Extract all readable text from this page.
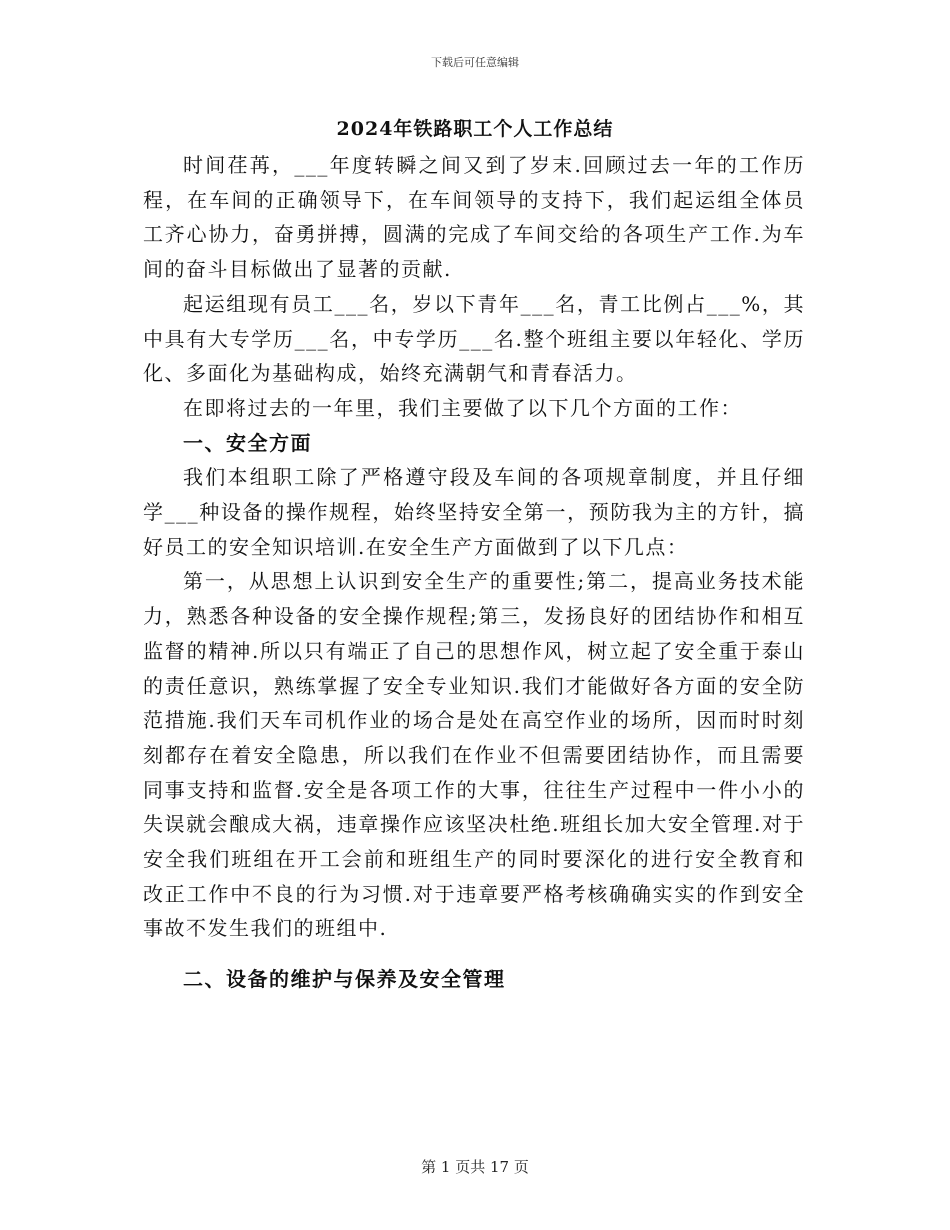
下载后可任意编辑
2024年铁路职工个人工作总结

时间荏苒，___年度转瞬之间又到了岁末.回顾过去一年的工作历程，在车间的正确领导下，在车间领导的支持下，我们起运组全体员工齐心协力，奋勇拼搏，圆满的完成了车间交给的各项生产工作.为车间的奋斗目标做出了显著的贡献.

起运组现有员工___名，岁以下青年___名，青工比例占___%，其中具有大专学历___名，中专学历___名.整个班组主要以年轻化、学历化、多面化为基础构成，始终充满朝气和青春活力。

在即将过去的一年里，我们主要做了以下几个方面的工作：

一、安全方面

我们本组职工除了严格遵守段及车间的各项规章制度，并且仔细学___种设备的操作规程，始终坚持安全第一，预防我为主的方针，搞好员工的安全知识培训.在安全生产方面做到了以下几点：

第一，从思想上认识到安全生产的重要性;第二，提高业务技术能力，熟悉各种设备的安全操作规程;第三，发扬良好的团结协作和相互监督的精神.所以只有端正了自己的思想作风，树立起了安全重于泰山的责任意识，熟练掌握了安全专业知识.我们才能做好各方面的安全防范措施.我们天车司机作业的场合是处在高空作业的场所，因而时时刻刻都存在着安全隐患，所以我们在作业不但需要团结协作，而且需要同事支持和监督.安全是各项工作的大事，往往生产过程中一件小小的失误就会酿成大祸，违章操作应该坚决杜绝.班组长加大安全管理.对于安全我们班组在开工会前和班组生产的同时要深化的进行安全教育和改正工作中不良的行为习惯.对于违章要严格考核确确实实的作到安全事故不发生我们的班组中.

二、设备的维护与保养及安全管理
第 1 页共 17 页
